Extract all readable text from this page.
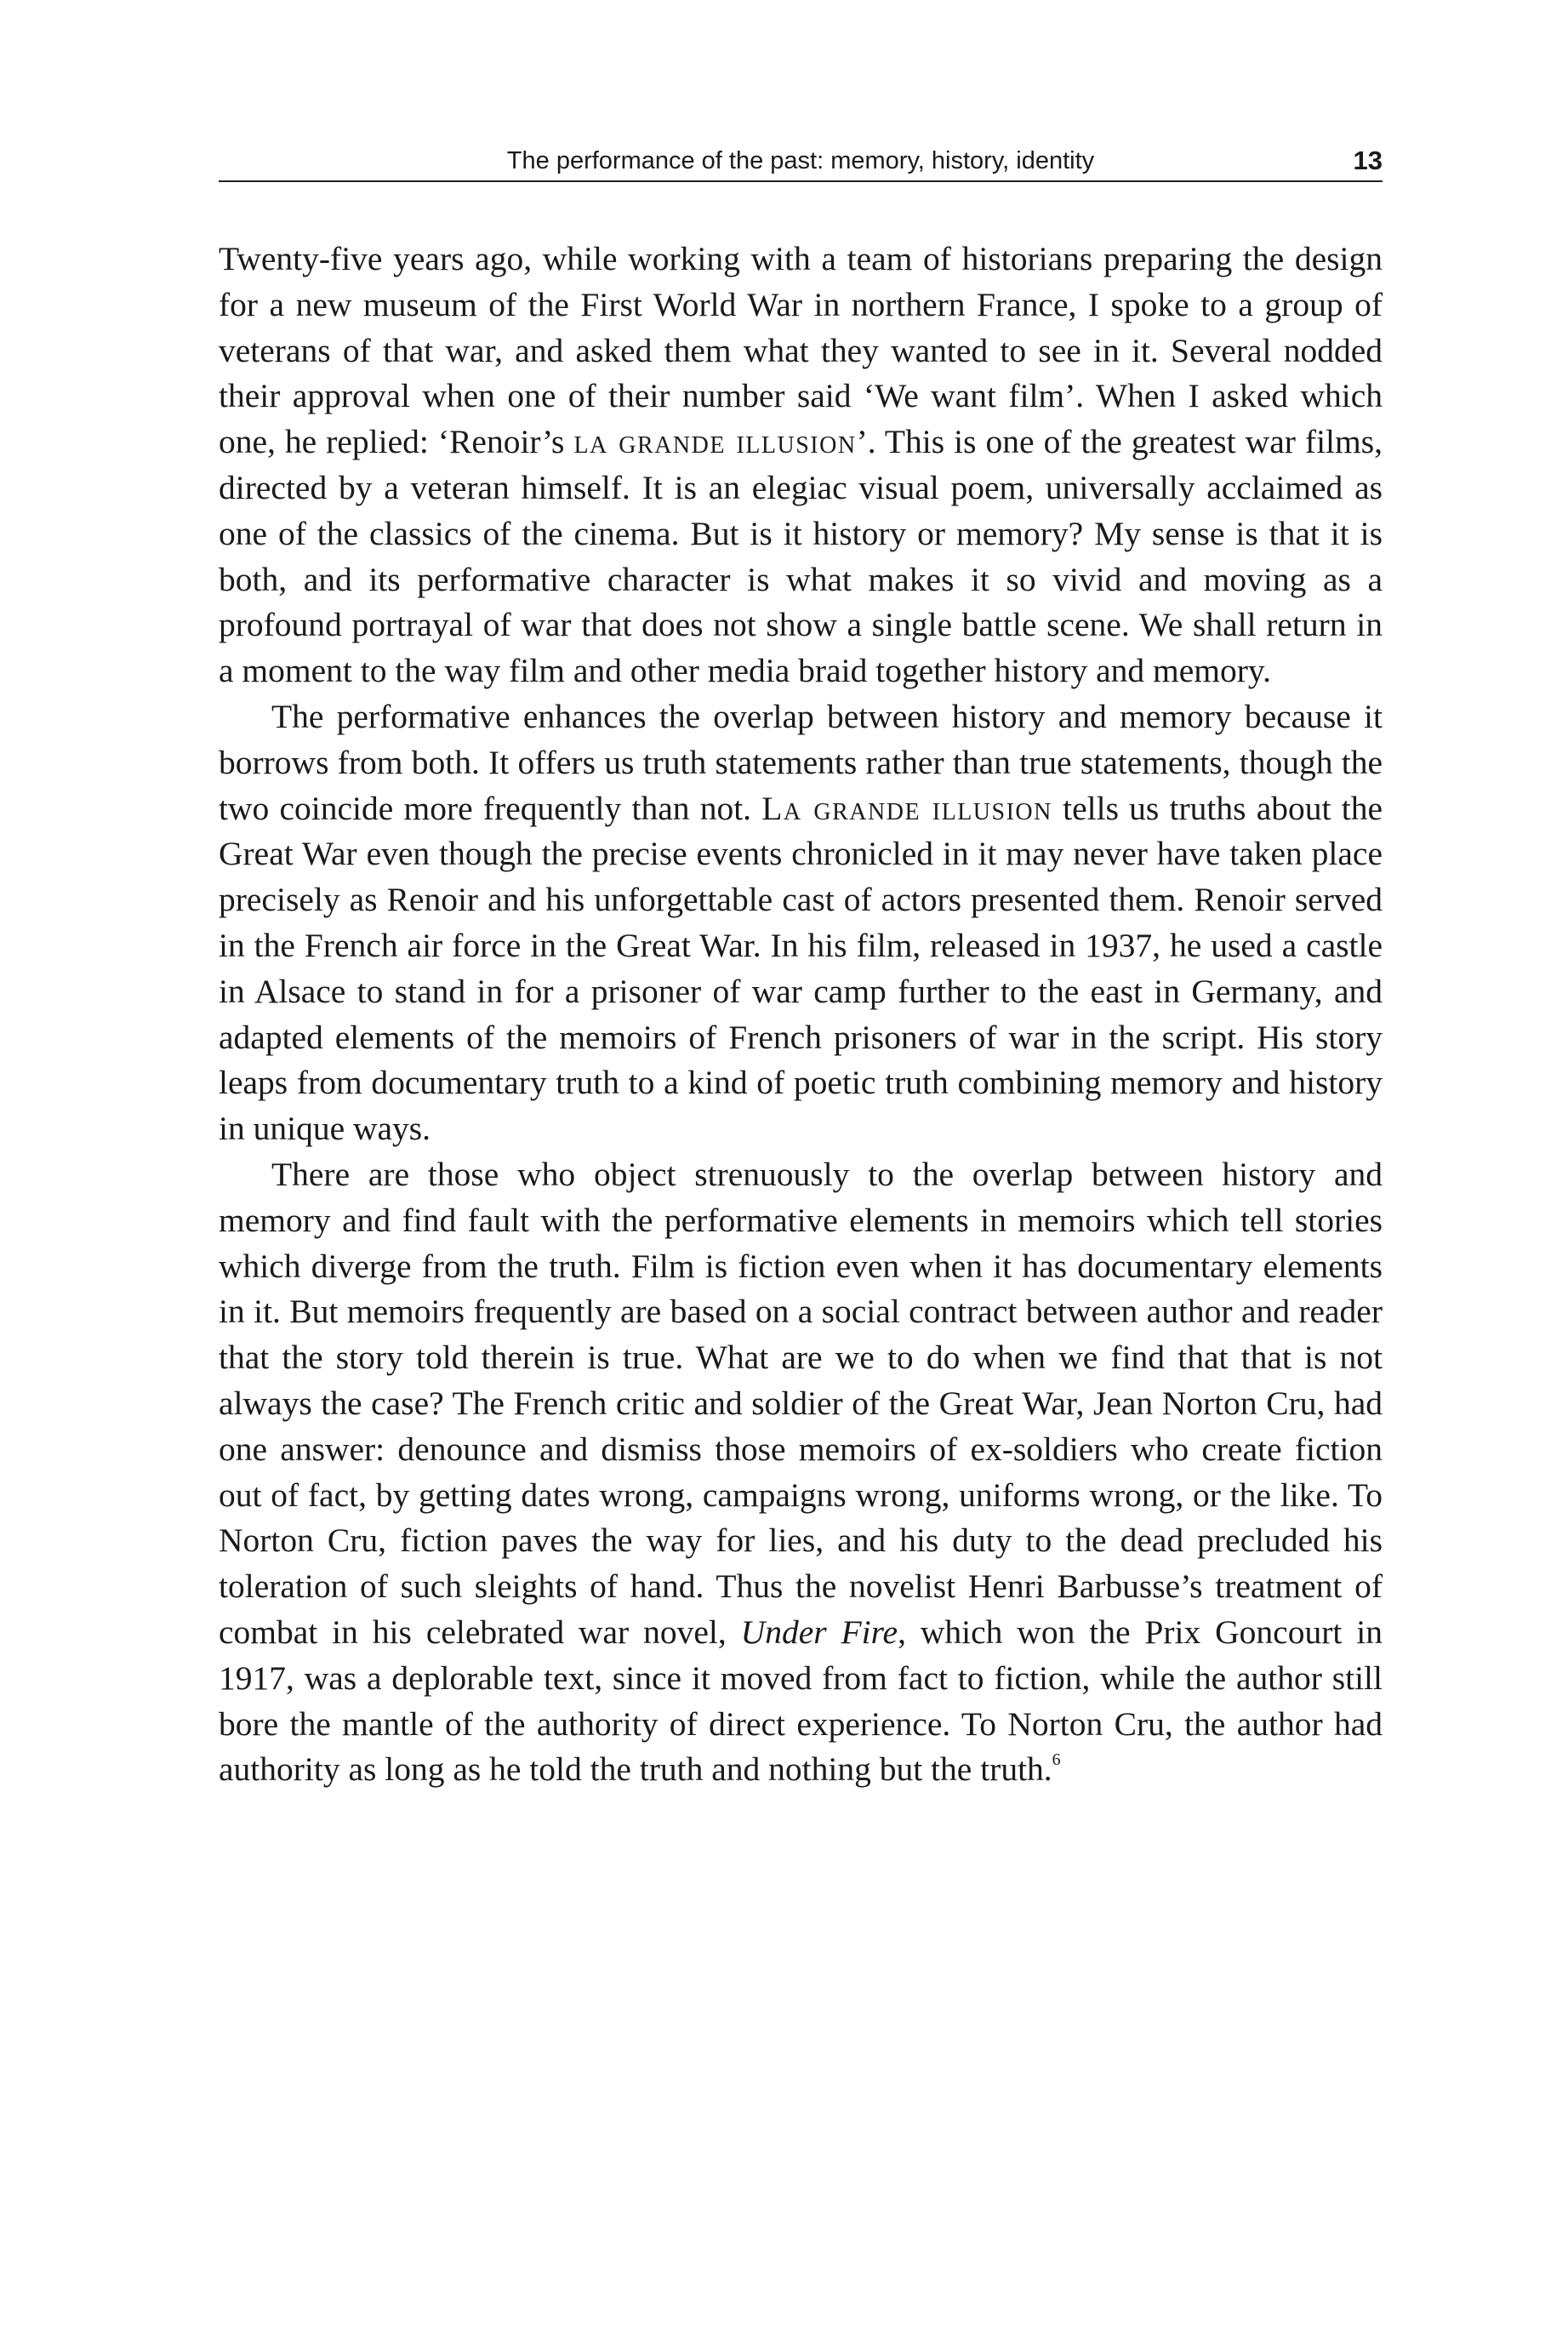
The performance of the past: memory, history, identity	13

Twenty-five years ago, while working with a team of historians preparing the design for a new museum of the First World War in northern France, I spoke to a group of veterans of that war, and asked them what they wanted to see in it. Several nodded their approval when one of their number said ‘We want film’. When I asked which one, he replied: ‘Renoir’s la grande illusion’. This is one of the greatest war films, directed by a veteran himself. It is an elegiac visual poem, universally acclaimed as one of the classics of the cinema. But is it history or memory? My sense is that it is both, and its performative character is what makes it so vivid and moving as a profound portrayal of war that does not show a single battle scene. We shall return in a moment to the way film and other media braid together history and memory.

The performative enhances the overlap between history and memory because it borrows from both. It offers us truth statements rather than true statements, though the two coincide more frequently than not. La grande illusion tells us truths about the Great War even though the precise events chronicled in it may never have taken place precisely as Renoir and his unforgettable cast of actors presented them. Renoir served in the French air force in the Great War. In his film, released in 1937, he used a castle in Alsace to stand in for a prisoner of war camp further to the east in Germany, and adapted elements of the memoirs of French prisoners of war in the script. His story leaps from documentary truth to a kind of poetic truth combining memory and history in unique ways.

There are those who object strenuously to the overlap between history and memory and find fault with the performative elements in memoirs which tell stories which diverge from the truth. Film is fiction even when it has documentary elements in it. But memoirs frequently are based on a social contract between author and reader that the story told therein is true. What are we to do when we find that that is not always the case? The French critic and soldier of the Great War, Jean Norton Cru, had one answer: denounce and dismiss those memoirs of ex-soldiers who create fiction out of fact, by getting dates wrong, campaigns wrong, uniforms wrong, or the like. To Norton Cru, fiction paves the way for lies, and his duty to the dead precluded his toleration of such sleights of hand. Thus the novelist Henri Barbusse’s treatment of combat in his celebrated war novel, Under Fire, which won the Prix Goncourt in 1917, was a deplorable text, since it moved from fact to fiction, while the author still bore the mantle of the authority of direct experience. To Norton Cru, the author had authority as long as he told the truth and nothing but the truth.$^6$
